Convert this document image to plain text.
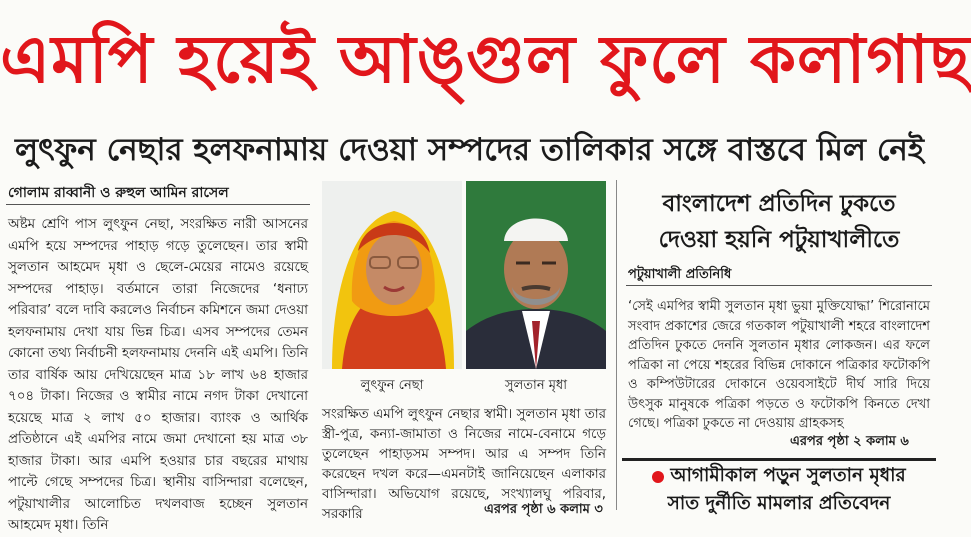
এমপি হয়েই আঙ্গুল ফুলে কলাগাছ
লুৎফুন নেছার হলফনামায় দেওয়া সম্পদের তালিকার সঙ্গে বাস্তবে মিল নেই
গোলাম রাব্বানী ও রুহুল আমিন রাসেল

অষ্টম শ্রেণি পাস লুৎফুন নেছা, সংরক্ষিত নারী আসনের এমপি হয়ে সম্পদের পাহাড় গড়ে তুলেছেন। তার স্বামী সুলতান আহমেদ মৃধা ও ছেলে-মেয়ের নামেও রয়েছে সম্পদের পাহাড়। বর্তমানে তারা নিজেদের ‘ধনাঢ্য পরিবার’ বলে দাবি করলেও নির্বাচন কমিশনে জমা দেওয়া হলফনামায় দেখা যায় ভিন্ন চিত্র। এসব সম্পদের তেমন কোনো তথ্য নির্বাচনী হলফনামায় দেননি এই এমপি। তিনি তার বার্ষিক আয় দেখিয়েছেন মাত্র ১৮ লাখ ৬৪ হাজার ৭০৪ টাকা। নিজের ও স্বামীর নামে নগদ টাকা দেখানো হয়েছে মাত্র ২ লাখ ৫০ হাজার। ব্যাংক ও আর্থিক প্রতিষ্ঠানে এই এমপির নামে জমা দেখানো হয় মাত্র ৩৮ হাজার টাকা। আর এমপি হওয়ার চার বছরের মাথায় পাল্টে গেছে সম্পদের চিত্র। স্থানীয় বাসিন্দারা বলেছেন, পটুয়াখালীর আলোচিত দখলবাজ হচ্ছেন সুলতান আহমেদ মৃধা। তিনি

লুৎফুন নেছা	সুলতান মৃধা

সংরক্ষিত এমপি লুৎফুন নেছার স্বামী। সুলতান মৃধা তার স্ত্রী-পুত্র, কন্যা-জামাতা ও নিজের নামে-বেনামে গড়ে তুলেছেন পাহাড়সম সম্পদ। আর এ সম্পদ তিনি করেছেন দখল করে—এমনটাই জানিয়েছেন এলাকার বাসিন্দারা। অভিযোগ রয়েছে, সংখ্যালঘু পরিবার, সরকারি	এরপর পৃষ্ঠা ৬ কলাম ৩
বাংলাদেশ প্রতিদিন ঢুকতে
দেওয়া হয়নি পটুয়াখালীতে
পটুয়াখালী প্রতিনিধি

‘সেই এমপির স্বামী সুলতান মৃধা ভুয়া মুক্তিযোদ্ধা’ শিরোনামে সংবাদ প্রকাশের জেরে গতকাল পটুয়াখালী শহরে বাংলাদেশ প্রতিদিন ঢুকতে দেননি সুলতান মৃধার লোকজন। এর ফলে পত্রিকা না পেয়ে শহরের বিভিন্ন দোকানে পত্রিকার ফটোকপি ও কম্পিউটারের দোকানে ওয়েবসাইটে দীর্ঘ সারি দিয়ে উৎসুক মানুষকে পত্রিকা পড়তে ও ফটোকপি কিনতে দেখা গেছে। পত্রিকা ঢুকতে না দেওয়ায় গ্রাহকসহ

এরপর পৃষ্ঠা ২ কলাম ৬
আগামীকাল পড়ুন সুলতান মৃধার
সাত দুর্নীতি মামলার প্রতিবেদন
